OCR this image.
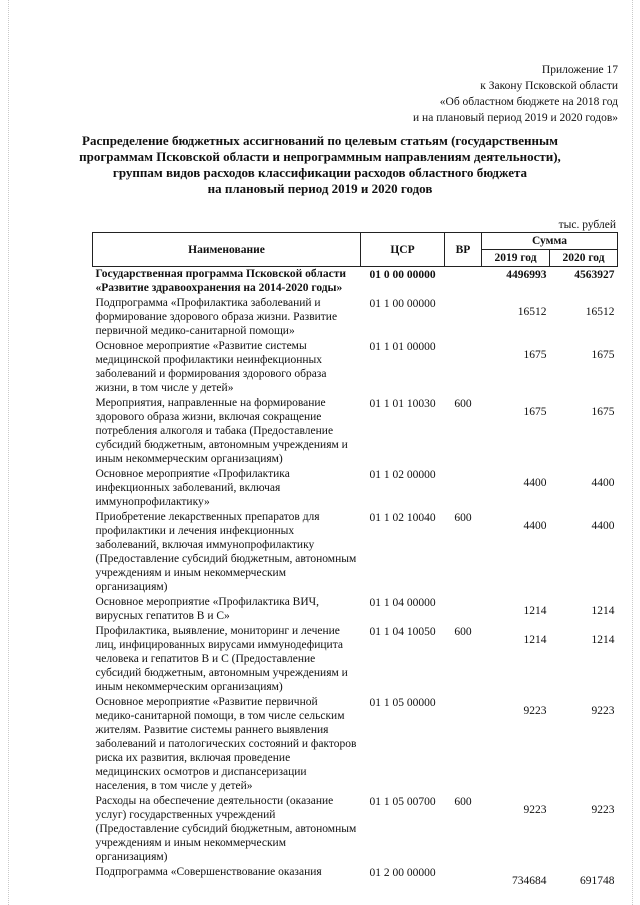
Приложение 17
к Закону Псковской области
«Об областном бюджете на 2018 год
и на плановый период 2019 и 2020 годов»
Распределение бюджетных ассигнований по целевым статьям (государственным
программам Псковской области и непрограммным направлениям деятельности),
группам видов расходов классификации расходов областного бюджета
на плановый период 2019 и 2020 годов
тыс. рублей
Наименование	ЦСР	ВР	Сумма	
			2019 год	2020 год
Государственная программа Псковской области «Развитие здравоохранения на 2014-2020 годы»	01 0 00 00000		4496993	4563927
Подпрограмма «Профилактика заболеваний и формирование здорового образа жизни. Развитие первичной медико-санитарной помощи»	01 1 00 00000		16512	16512
Основное мероприятие «Развитие системы медицинской профилактики неинфекционных заболеваний и формирования здорового образа жизни, в том числе у детей»	01 1 01 00000		1675	1675
Мероприятия, направленные на формирование здорового образа жизни, включая сокращение потребления алкоголя и табака (Предоставление субсидий бюджетным, автономным учреждениям и иным некоммерческим организациям)	01 1 01 10030	600	1675	1675
Основное мероприятие «Профилактика инфекционных заболеваний, включая иммунопрофилактику»	01 1 02 00000		4400	4400
Приобретение лекарственных препаратов для профилактики и лечения инфекционных заболеваний, включая иммунопрофилактику (Предоставление субсидий бюджетным, автономным учреждениям и иным некоммерческим организациям)	01 1 02 10040	600	4400	4400
Основное мероприятие «Профилактика ВИЧ, вирусных гепатитов В и С»	01 1 04 00000		1214	1214
Профилактика, выявление, мониторинг и лечение лиц, инфицированных вирусами иммунодефицита человека и гепатитов В и С (Предоставление субсидий бюджетным, автономным учреждениям и иным некоммерческим организациям)	01 1 04 10050	600	1214	1214
Основное мероприятие «Развитие первичной медико-санитарной помощи, в том числе сельским жителям. Развитие системы раннего выявления заболеваний и патологических состояний и факторов риска их развития, включая проведение медицинских осмотров и диспансеризации населения, в том числе у детей»	01 1 05 00000		9223	9223
Расходы на обеспечение деятельности (оказание услуг) государственных учреждений (Предоставление субсидий бюджетным, автономным учреждениям и иным некоммерческим организациям)	01 1 05 00700	600	9223	9223
Подпрограмма «Совершенствование оказания	01 2 00 00000		734684	691748
